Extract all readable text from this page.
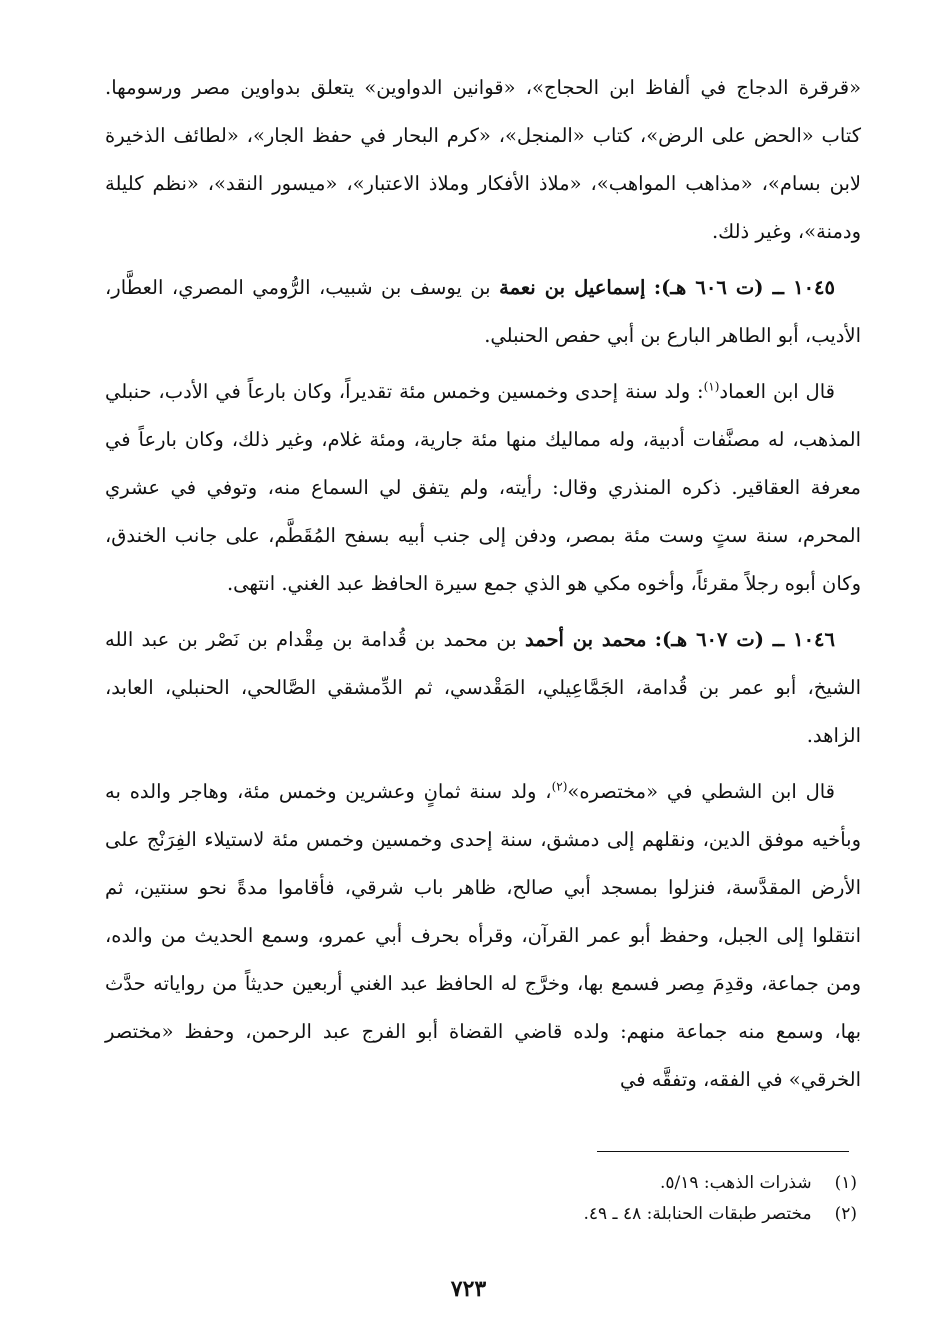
«قرقرة الدجاج في ألفاظ ابن الحجاج»، «قوانين الدواوين» يتعلق بدواوين مصر ورسومها. كتاب «الحض على الرض»، كتاب «المنجل»، «كرم البحار في حفظ الجار»، «لطائف الذخيرة لابن بسام»، «مذاهب المواهب»، «ملاذ الأفكار وملاذ الاعتبار»، «ميسور النقد»، «نظم كليلة ودمنة»، وغير ذلك.

١٠٤٥ ــ (ت ٦٠٦ هـ): إسماعيل بن نعمة بن يوسف بن شبيب، الرُّومي المصري، العطَّار، الأديب، أبو الطاهر البارع بن أبي حفص الحنبلي.

قال ابن العماد$^{(١)}$: ولد سنة إحدى وخمسين وخمس مئة تقديراً، وكان بارعاً في الأدب، حنبلي المذهب، له مصنَّفات أدبية، وله مماليك منها مئة جارية، ومئة غلام، وغير ذلك، وكان بارعاً في معرفة العقاقير. ذكره المنذري وقال: رأيته، ولم يتفق لي السماع منه، وتوفي في عشري المحرم، سنة ستٍ وست مئة بمصر، ودفن إلى جنب أبيه بسفح المُقَطَّم، على جانب الخندق، وكان أبوه رجلاً مقرئاً، وأخوه مكي هو الذي جمع سيرة الحافظ عبد الغني. انتهى.

١٠٤٦ ــ (ت ٦٠٧ هـ): محمد بن أحمد بن محمد بن قُدامة بن مِقْدام بن نَصْر بن عبد الله الشيخ، أبو عمر بن قُدامة، الجَمَّاعِيلي، المَقْدسي، ثم الدِّمشقي الصَّالحي، الحنبلي، العابد، الزاهد.

قال ابن الشطي في «مختصره»$^{(٢)}$، ولد سنة ثمانٍ وعشرين وخمس مئة، وهاجر والده به وبأخيه موفق الدين، ونقلهم إلى دمشق، سنة إحدى وخمسين وخمس مئة لاستيلاء الفِرَنْج على الأرض المقدَّسة، فنزلوا بمسجد أبي صالح، ظاهر باب شرقي، فأقاموا مدةً نحو سنتين، ثم انتقلوا إلى الجبل، وحفظ أبو عمر القرآن، وقرأه بحرف أبي عمرو، وسمع الحديث من والده، ومن جماعة، وقدِمَ مِصر فسمع بها، وخرَّج له الحافظ عبد الغني أربعين حديثاً من رواياته حدَّث بها، وسمع منه جماعة منهم: ولده قاضي القضاة أبو الفرج عبد الرحمن، وحفظ «مختصر الخرقي» في الفقه، وتفقَّه في

(١) شذرات الذهب: ٥/١٩.

(٢) مختصر طبقات الحنابلة: ٤٨ ـ ٤٩.

٧٢٣
